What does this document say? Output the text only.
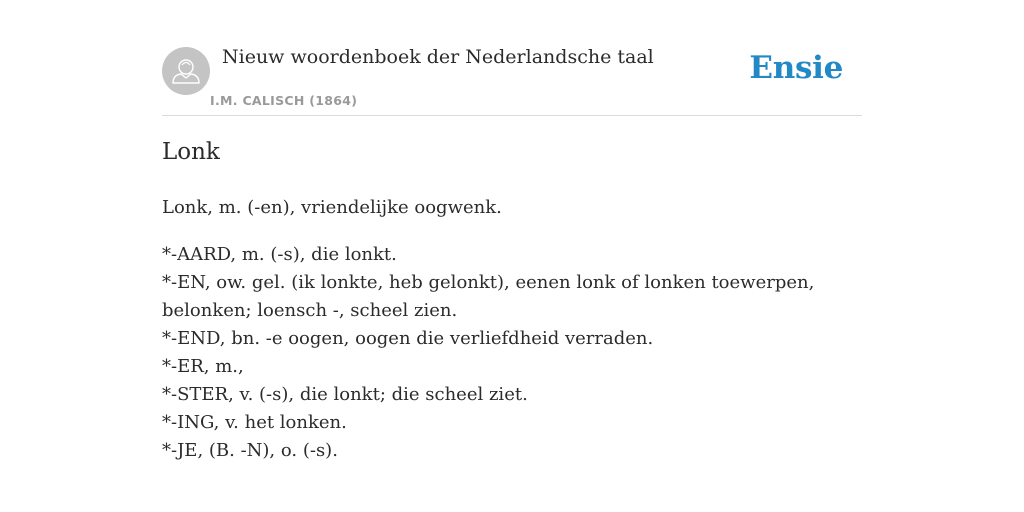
Nieuw woordenboek der Nederlandsche taal
I.M. CALISCH (1864)
Ensie
Lonk

Lonk, m. (-en), vriendelijke oogwenk.

*-AARD, m. (-s), die lonkt.

*-EN, ow. gel. (ik lonkte, heb gelonkt), eenen lonk of lonken toewerpen, belonken; loensch -, scheel zien.

*-END, bn. -e oogen, oogen die verliefdheid verraden.

*-ER, m.,

*-STER, v. (-s), die lonkt; die scheel ziet.

*-ING, v. het lonken.

*-JE, (B. -N), o. (-s).
